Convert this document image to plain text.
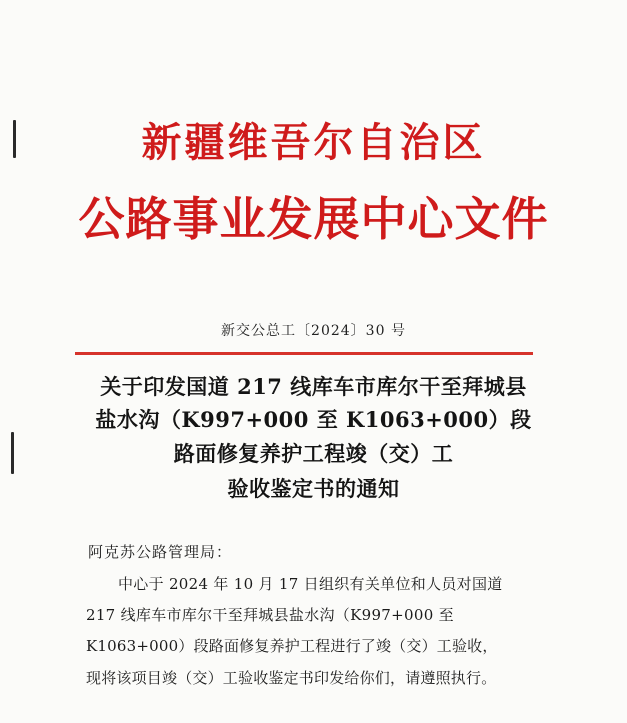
新疆维吾尔自治区
公路事业发展中心文件
新交公总工〔2024〕30 号
关于印发国道 217 线库车市库尔干至拜城县
盐水沟（K997+000 至 K1063+000）段
路面修复养护工程竣（交）工
验收鉴定书的通知
阿克苏公路管理局：
中心于 2024 年 10 月 17 日组织有关单位和人员对国道
217 线库车市库尔干至拜城县盐水沟（K997+000 至
K1063+000）段路面修复养护工程进行了竣（交）工验收，
现将该项目竣（交）工验收鉴定书印发给你们，请遵照执行。
